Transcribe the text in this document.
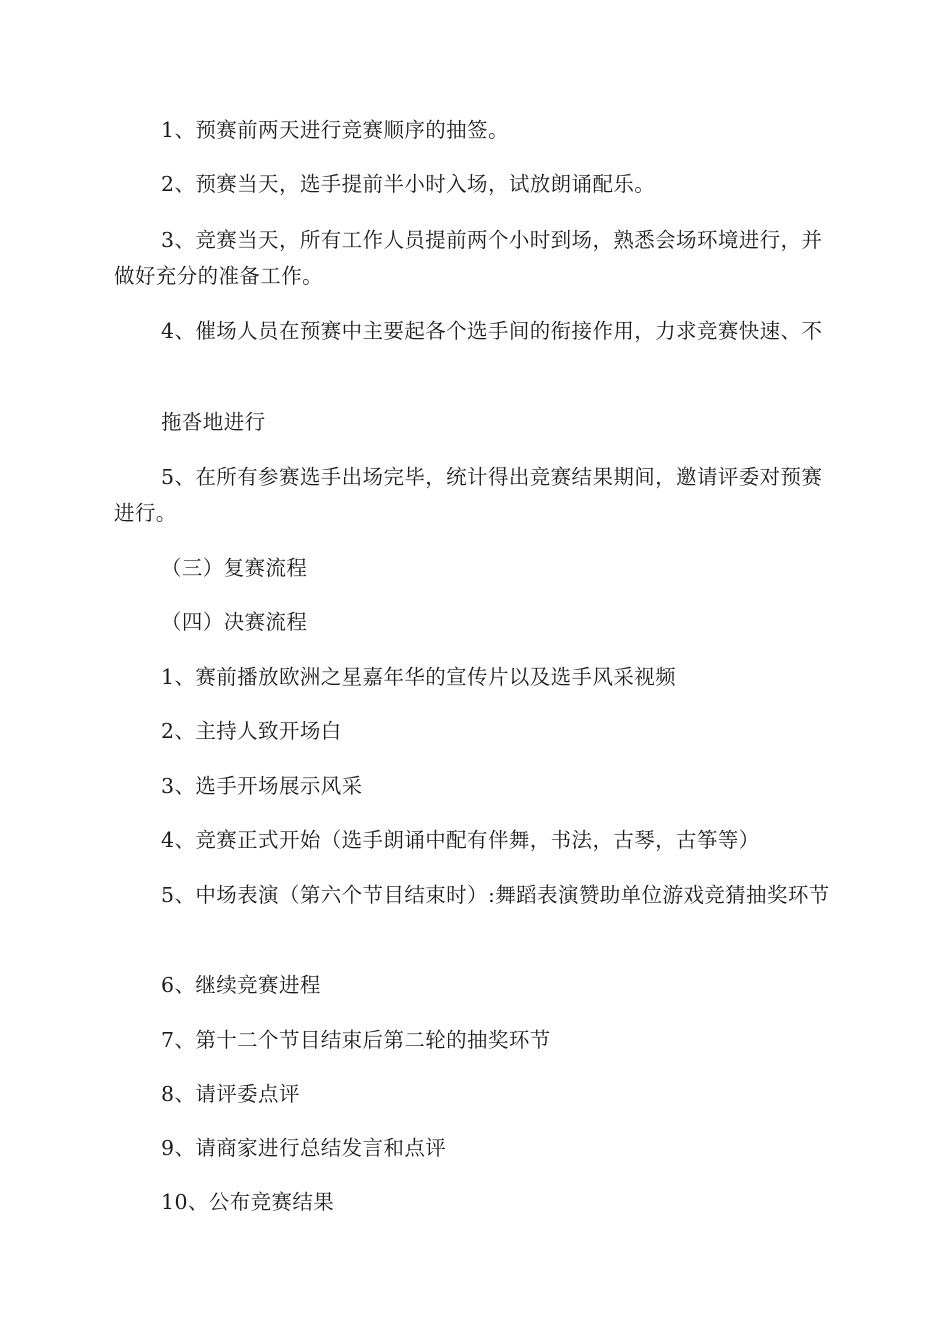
1、预赛前两天进行竞赛顺序的抽签。

2、预赛当天，选手提前半小时入场，试放朗诵配乐。

3、竞赛当天，所有工作人员提前两个小时到场，熟悉会场环境进行，并做好充分的准备工作。

4、催场人员在预赛中主要起各个选手间的衔接作用，力求竞赛快速、不

拖沓地进行

5、在所有参赛选手出场完毕，统计得出竞赛结果期间，邀请评委对预赛进行。

（三）复赛流程

（四）决赛流程

1、赛前播放欧洲之星嘉年华的宣传片以及选手风采视频

2、主持人致开场白

3、选手开场展示风采

4、竞赛正式开始（选手朗诵中配有伴舞，书法，古琴，古筝等）

5、中场表演（第六个节目结束时）:舞蹈表演赞助单位游戏竞猜抽奖环节

6、继续竞赛进程

7、第十二个节目结束后第二轮的抽奖环节

8、请评委点评

9、请商家进行总结发言和点评

10、公布竞赛结果
